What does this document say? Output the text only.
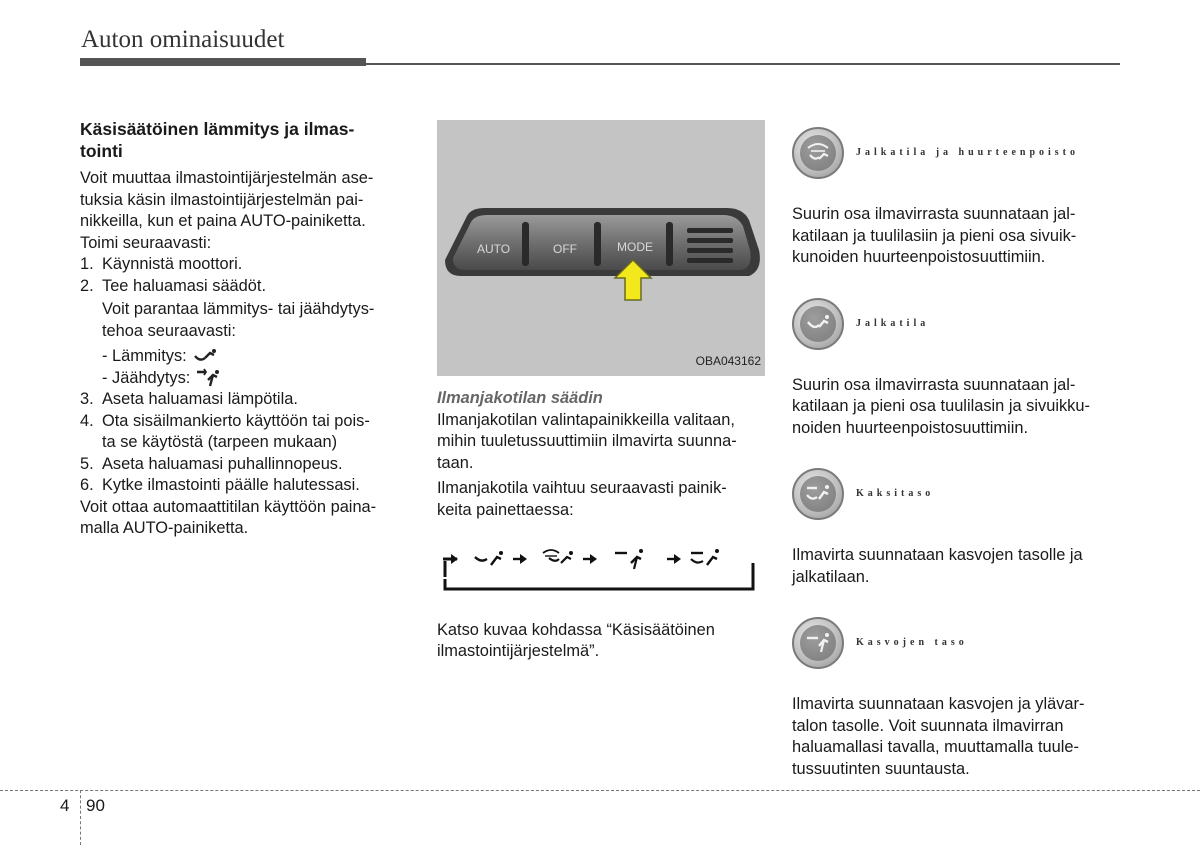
Auton ominaisuudet

Käsisäätöinen lämmitys ja ilmas-
tointi

Voit muuttaa ilmastointijärjestelmän ase-
tuksia käsin ilmastointijärjestelmän pai-
nikkeilla, kun et paina AUTO-painiketta.
Toimi seuraavasti:

1. Käynnistä moottori.
2. Tee haluamasi säädöt.

Voit parantaa lämmitys- tai jäähdytys-
tehoa seuraavasti:

- Lämmitys:
- Jäähdytys:
3. Aseta haluamasi lämpötila.
4. Ota sisäilmankierto käyttöön tai pois-
ta se käytöstä (tarpeen mukaan)
5. Aseta haluamasi puhallinnopeus.
6. Kytke ilmastointi päälle halutessasi.

Voit ottaa automaattitilan käyttöön paina-
malla AUTO-painiketta.

AUTO	OFF	MODE
OBA043162

Ilmanjakotilan säädin

Ilmanjakotilan valintapainikkeilla valitaan,
mihin tuuletussuuttimiin ilmavirta suunna-
taan.

Ilmanjakotila vaihtuu seuraavasti painik-
keita painettaessa:

Katso kuvaa kohdassa “Käsisäätöinen
ilmastointijärjestelmä”.

Jalkatila ja huurteenpoisto

Suurin osa ilmavirrasta suunnataan jal-
katilaan ja tuulilasiin ja pieni osa sivuik-
kunoiden huurteenpoistosuuttimiin.

Jalkatila

Suurin osa ilmavirrasta suunnataan jal-
katilaan ja pieni osa tuulilasin ja sivuikku-
noiden huurteenpoistosuuttimiin.

Kaksitaso

Ilmavirta suunnataan kasvojen tasolle ja
jalkatilaan.

Kasvojen taso

Ilmavirta suunnataan kasvojen ja ylävar-
talon tasolle. Voit suunnata ilmavirran
haluamallasi tavalla, muuttamalla tuule-
tussuutinten suuntausta.

4 90
